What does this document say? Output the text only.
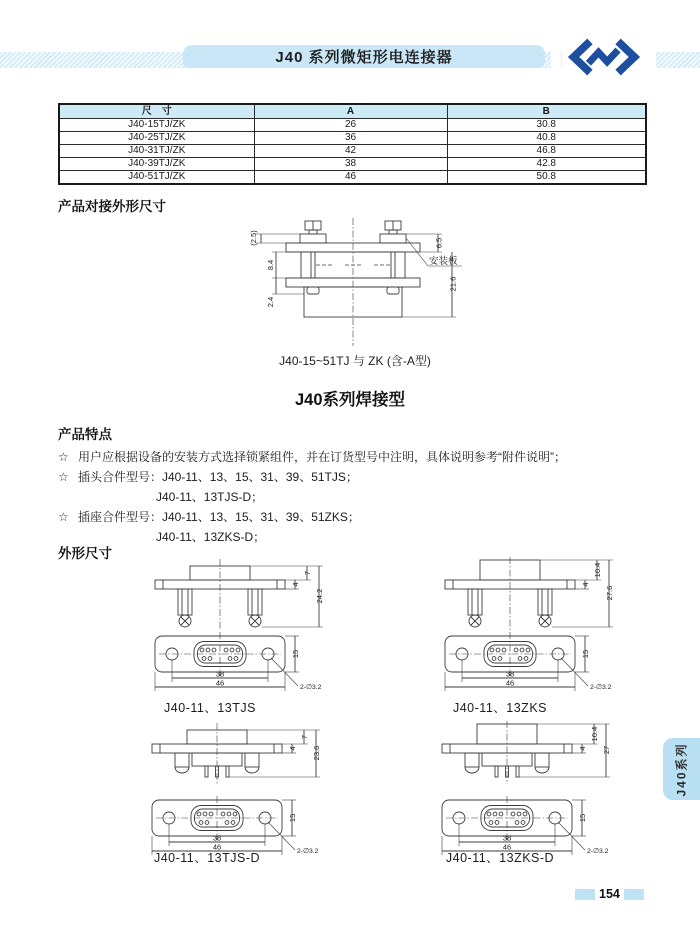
J40 系列微矩形电连接器
尺　寸	A	B
J40-15TJ/ZK	26	30.8
J40-25TJ/ZK	36	40.8
J40-31TJ/ZK	42	46.8
J40-39TJ/ZK	38	42.8
J40-51TJ/ZK	46	50.8
产品对接外形尺寸
(2.5)
8.4
2.4
6.5
21.6
安装板
J40-15~51TJ 与 ZK (含-A型)
J40系列焊接型
产品特点
☆ 用户应根据设备的安装方式选择锁紧组件，并在订货型号中注明，具体说明参考“附件说明”；
☆ 插头合件型号：J40-11、13、15、31、39、51TJS；
J40-11、13TJS-D；
☆ 插座合件型号：J40-11、13、15、31、39、51ZKS；
J40-11、13ZKS-D；
外形尺寸
4
7
24.2
15
38
46	2-∅3.2
J40-11、13TJS
4
10.4
27.6
15
38
46	2-∅3.2
J40-11、13ZKS
4
7
23.6
15
38
46	2-∅3.2
J40-11、13TJS-D
4
10.4
27
15
38
46	2-∅3.2
J40-11、13ZKS-D
J40系列
154
